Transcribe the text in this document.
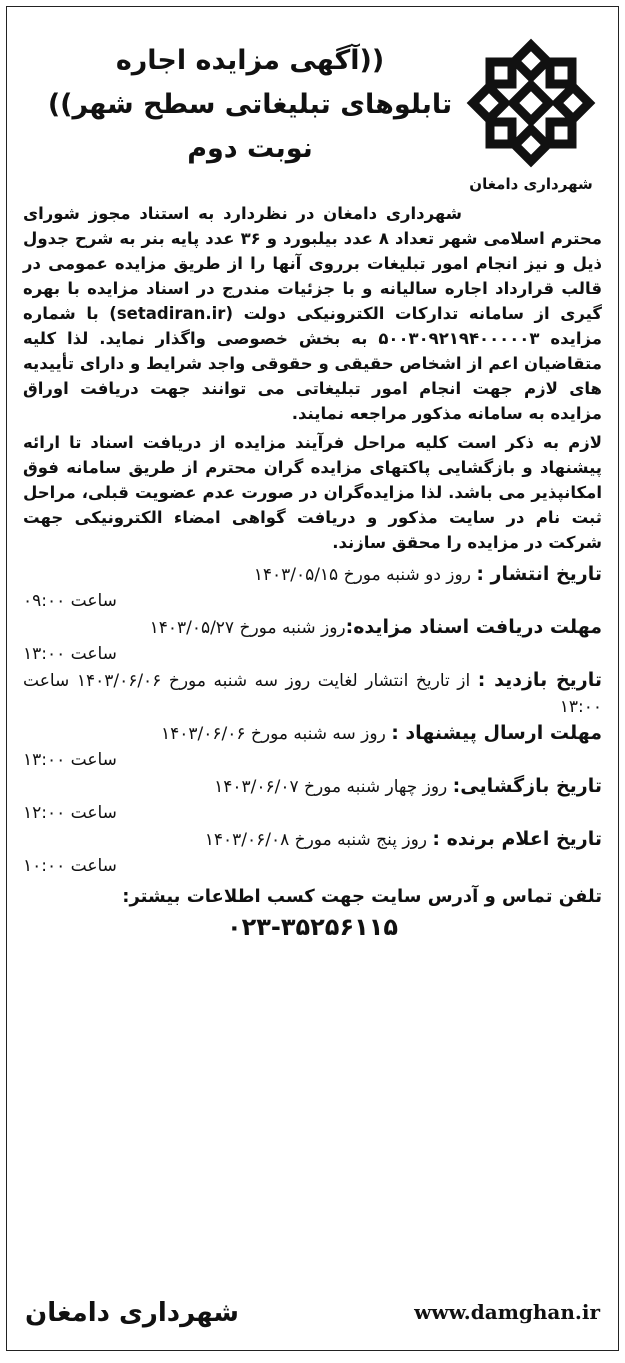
شهرداری دامغان
((آگهی مزایده اجاره
تابلوهای تبلیغاتی سطح شهر))
نوبت دوم

شهرداری دامغان در نظردارد به استناد مجوز شورای محترم اسلامی شهر تعداد ۸ عدد بیلبورد و ۳۶ عدد پایه بنر به شرح جدول ذیل و نیز انجام امور تبلیغات برروی آنها را از طریق مزایده عمومی در قالب قرارداد اجاره سالیانه و با جزئیات مندرج در اسناد مزایده با بهره گیری از سامانه تدارکات الکترونیکی دولت (setadiran.ir) با شماره مزایده ۵۰۰۳۰۹۲۱۹۴۰۰۰۰۰۳ به بخش خصوصی واگذار نماید. لذا کلیه متقاضیان اعم از اشخاص حقیقی و حقوقی واجد شرایط و دارای تأییدیه های لازم جهت انجام امور تبلیغاتی می توانند جهت دریافت اوراق مزایده به سامانه مذکور مراجعه نمایند.

لازم به ذکر است کلیه مراحل فرآیند مزایده از دریافت اسناد تا ارائه پیشنهاد و بازگشایی پاکتهای مزایده گران محترم از طریق سامانه فوق امکانپذیر می باشد. لذا مزایده‌گران در صورت عدم عضویت قبلی، مراحل ثبت نام در سایت مذکور و دریافت گواهی امضاء الکترونیکی جهت شرکت در مزایده را محقق سازند.

تاریخ انتشار : روز دو شنبه مورخ ۱۴۰۳/۰۵/۱۵
ساعت ۰۹:۰۰
مهلت دریافت اسناد مزایده:روز شنبه مورخ ۱۴۰۳/۰۵/۲۷
ساعت ۱۳:۰۰
تاریخ بازدید : از تاریخ انتشار لغایت روز سه شنبه مورخ ۱۴۰۳/۰۶/۰۶ ساعت ۱۳:۰۰
مهلت ارسال پیشنهاد : روز سه شنبه مورخ ۱۴۰۳/۰۶/۰۶
ساعت ۱۳:۰۰
تاریخ بازگشایی: روز چهار شنبه مورخ ۱۴۰۳/۰۶/۰۷
ساعت ۱۲:۰۰
تاریخ اعلام برنده : روز پنج شنبه مورخ ۱۴۰۳/۰۶/۰۸
ساعت ۱۰:۰۰
تلفن تماس و آدرس سایت جهت کسب اطلاعات بیشتر:
۰۲۳-۳۵۲۵۶۱۱۵
www.damghan.ir
شهرداری دامغان
